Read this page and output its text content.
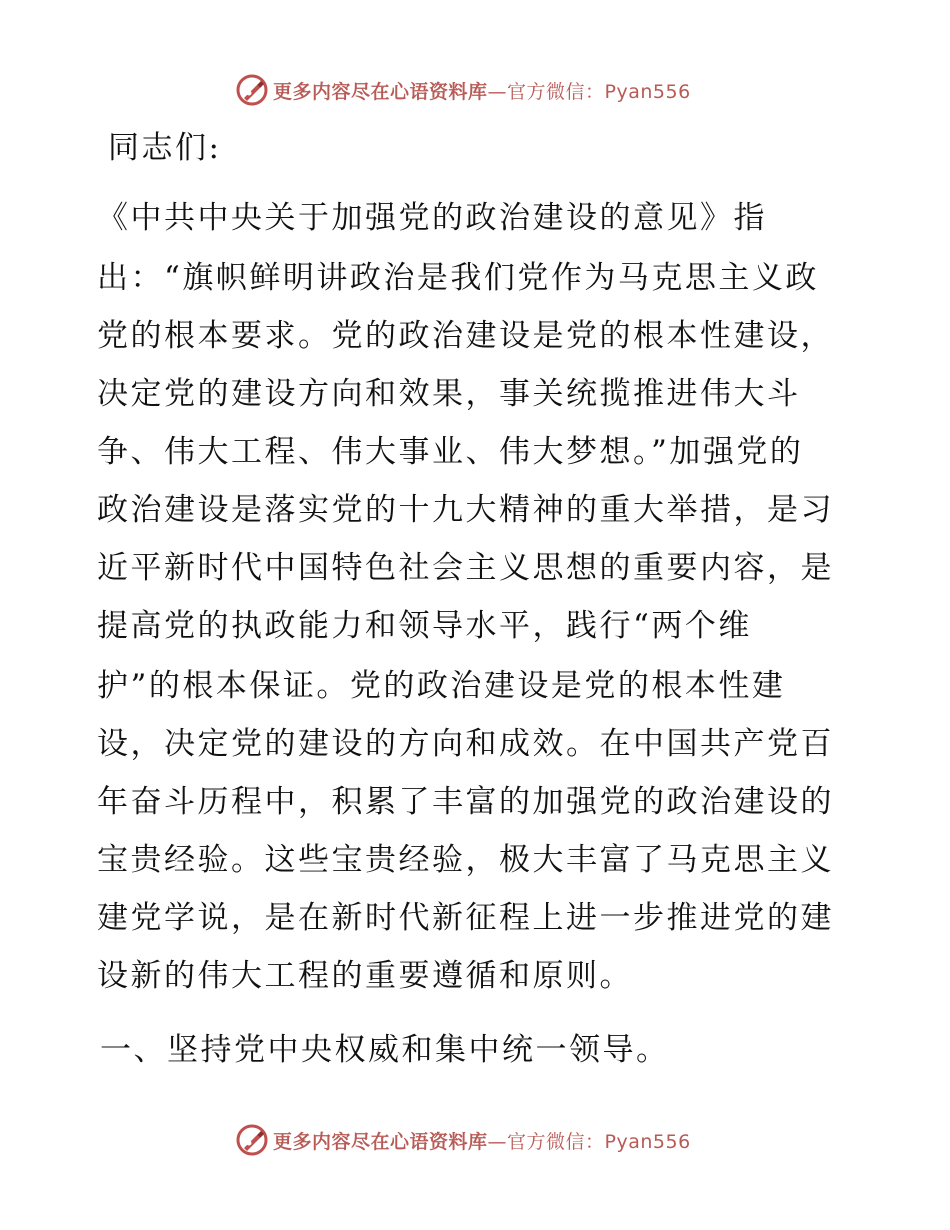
更多内容尽在心语资料库—官方微信：Pyan556
同志们:
《中共中央关于加强党的政治建设的意见》指
出：“旗帜鲜明讲政治是我们党作为马克思主义政
党的根本要求。党的政治建设是党的根本性建设，
决定党的建设方向和效果，事关统揽推进伟大斗
争、伟大工程、伟大事业、伟大梦想。”加强党的
政治建设是落实党的十九大精神的重大举措，是习
近平新时代中国特色社会主义思想的重要内容，是
提高党的执政能力和领导水平，践行“两个维
护”的根本保证。党的政治建设是党的根本性建
设，决定党的建设的方向和成效。在中国共产党百
年奋斗历程中，积累了丰富的加强党的政治建设的
宝贵经验。这些宝贵经验，极大丰富了马克思主义
建党学说，是在新时代新征程上进一步推进党的建
设新的伟大工程的重要遵循和原则。
一、坚持党中央权威和集中统一领导。
更多内容尽在心语资料库—官方微信：Pyan556
